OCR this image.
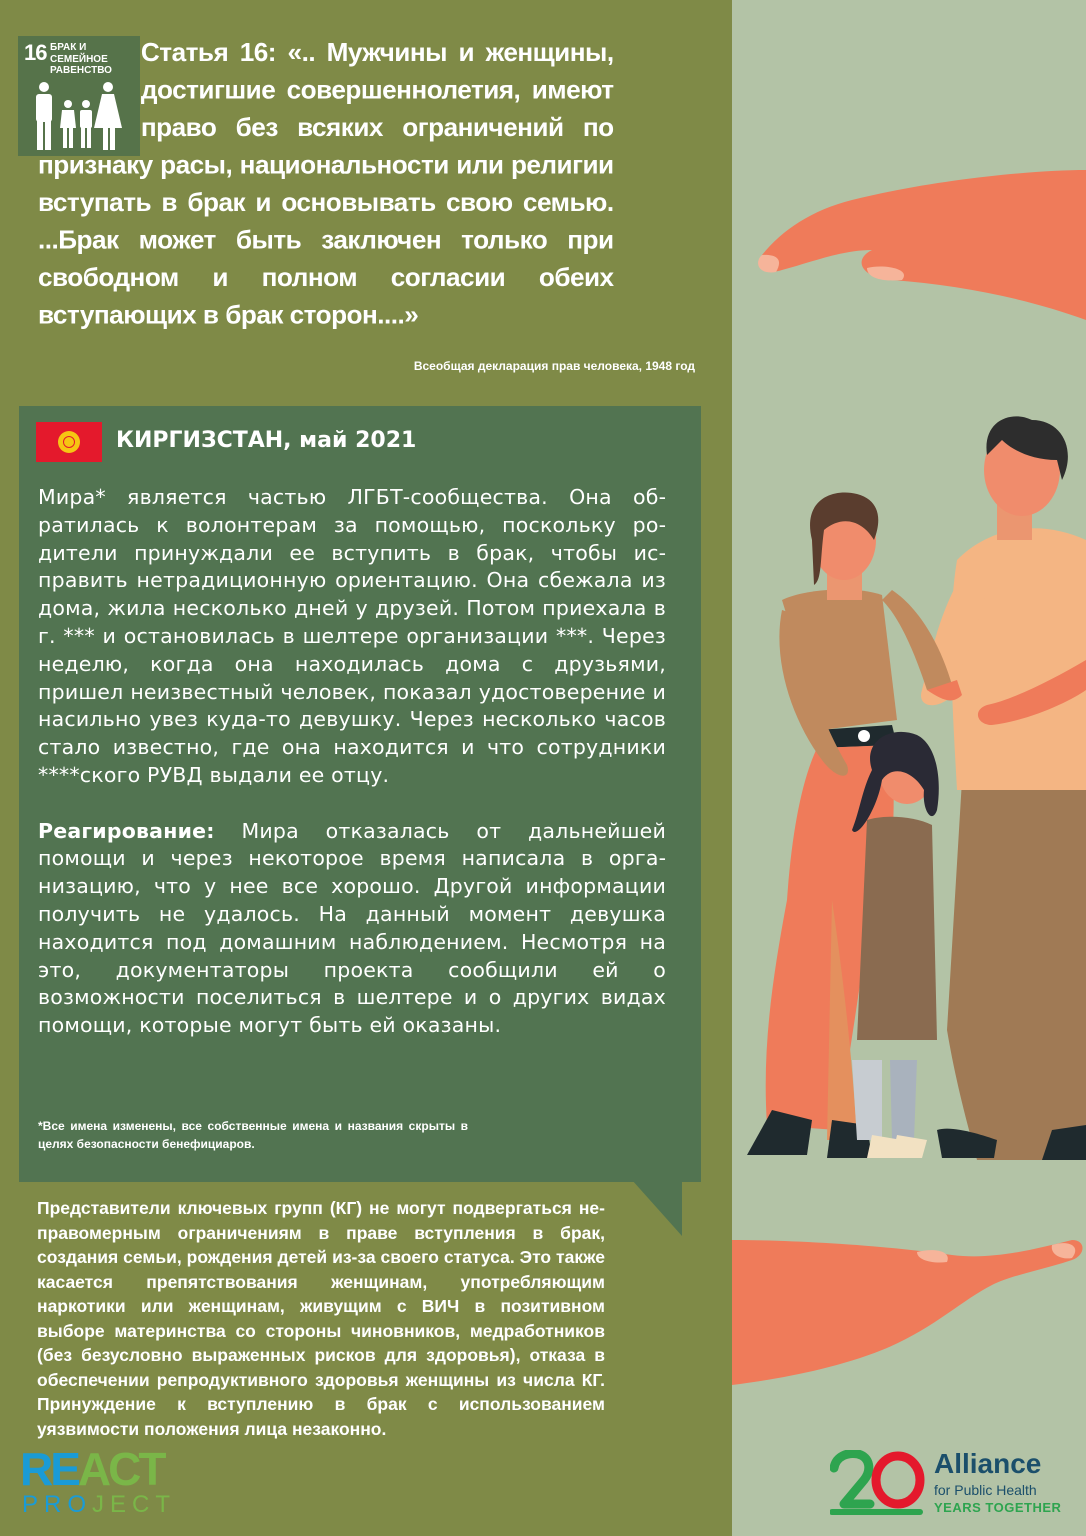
16 БРАК И СЕМЕЙНОЕ РАВЕНСТВО
Статья 16: «.. Мужчины и женщины, достигшие совершеннолетия, имеют право без всяких ограничений по признаку расы, национальности или религии вступать в брак и основывать свою семью. ...Брак может быть заключен только при свободном и полном согласии обеих вступающих в брак сторон....»
Всеобщая декларация прав человека, 1948 год
КИРГИЗСТАН, май 2021

Мира* является частью ЛГБТ-сообщества. Она обратилась к волонтерам за помощью, поскольку родители принуждали ее вступить в брак, чтобы исправить нетрадиционную ориентацию. Она сбежала из дома, жила несколько дней у друзей. Потом приехала в г. *** и остановилась в шелтере организации ***. Через неделю, когда она находилась дома с друзьями, пришел неизвестный человек, показал удостоверение и насильно увез куда-то девушку. Через несколько часов стало известно, где она находится и что сотрудники ****ского РУВД выдали ее отцу.

Реагирование: Мира отказалась от дальнейшей помощи и через некоторое время написала в организацию, что у нее все хорошо. Другой информации получить не удалось. На данный момент девушка находится под домашним наблюдением. Несмотря на это, документаторы проекта сообщили ей о возможности поселиться в шелтере и о других видах помощи, которые могут быть ей оказаны.

*Все имена изменены, все собственные имена и названия скрыты в целях безопасности бенефициаров.
Представители ключевых групп (КГ) не могут подвергаться неправомерным ограничениям в праве вступления в брак, создания семьи, рождения детей из-за своего статуса. Это также касается препятствования женщинам, употребляющим наркотики или женщинам, живущим с ВИЧ в позитивном выборе материнства со стороны чиновников, медработников (без безусловно выраженных рисков для здоровья), отказа в обеспечении репродуктивного здоровья женщины из числа КГ. Принуждение к вступлению в брак с использованием уязвимости положения лица незаконно.
REACT
PROJECT
Alliance
for Public Health
YEARS TOGETHER
